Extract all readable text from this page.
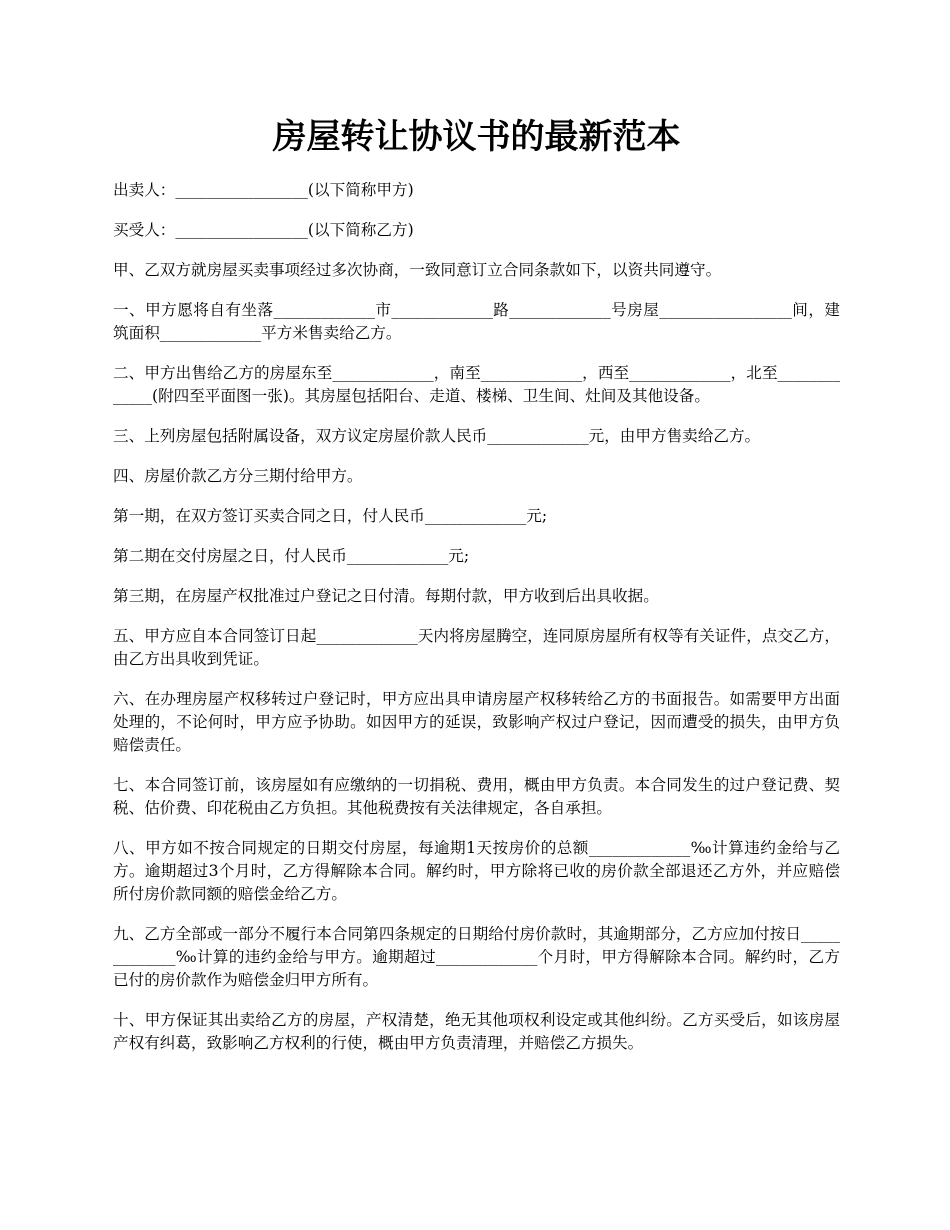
房屋转让协议书的最新范本

出卖人：_________________(以下简称甲方)

买受人：_________________(以下简称乙方)

甲、乙双方就房屋买卖事项经过多次协商，一致同意订立合同条款如下，以资共同遵守。

一、甲方愿将自有坐落_____________市_____________路_____________号房屋_________________间，建筑面积_____________平方米售卖给乙方。

二、甲方出售给乙方的房屋东至_____________，南至_____________，西至_____________，北至_____________(附四至平面图一张)。其房屋包括阳台、走道、楼梯、卫生间、灶间及其他设备。

三、上列房屋包括附属设备，双方议定房屋价款人民币_____________元，由甲方售卖给乙方。

四、房屋价款乙方分三期付给甲方。

第一期，在双方签订买卖合同之日，付人民币_____________元;

第二期在交付房屋之日，付人民币_____________元;

第三期，在房屋产权批准过户登记之日付清。每期付款，甲方收到后出具收据。

五、甲方应自本合同签订日起_____________天内将房屋腾空，连同原房屋所有权等有关证件，点交乙方，由乙方出具收到凭证。

六、在办理房屋产权移转过户登记时，甲方应出具申请房屋产权移转给乙方的书面报告。如需要甲方出面处理的，不论何时，甲方应予协助。如因甲方的延误，致影响产权过户登记，因而遭受的损失，由甲方负赔偿责任。

七、本合同签订前，该房屋如有应缴纳的一切捐税、费用，概由甲方负责。本合同发生的过户登记费、契税、估价费、印花税由乙方负担。其他税费按有关法律规定，各自承担。

八、甲方如不按合同规定的日期交付房屋，每逾期1天按房价的总额_____________‰计算违约金给与乙方。逾期超过3个月时，乙方得解除本合同。解约时，甲方除将已收的房价款全部退还乙方外，并应赔偿所付房价款同额的赔偿金给乙方。

九、乙方全部或一部分不履行本合同第四条规定的日期给付房价款时，其逾期部分，乙方应加付按日_____________‰计算的违约金给与甲方。逾期超过_____________个月时，甲方得解除本合同。解约时，乙方已付的房价款作为赔偿金归甲方所有。

十、甲方保证其出卖给乙方的房屋，产权清楚，绝无其他项权利设定或其他纠纷。乙方买受后，如该房屋产权有纠葛，致影响乙方权利的行使，概由甲方负责清理，并赔偿乙方损失。
